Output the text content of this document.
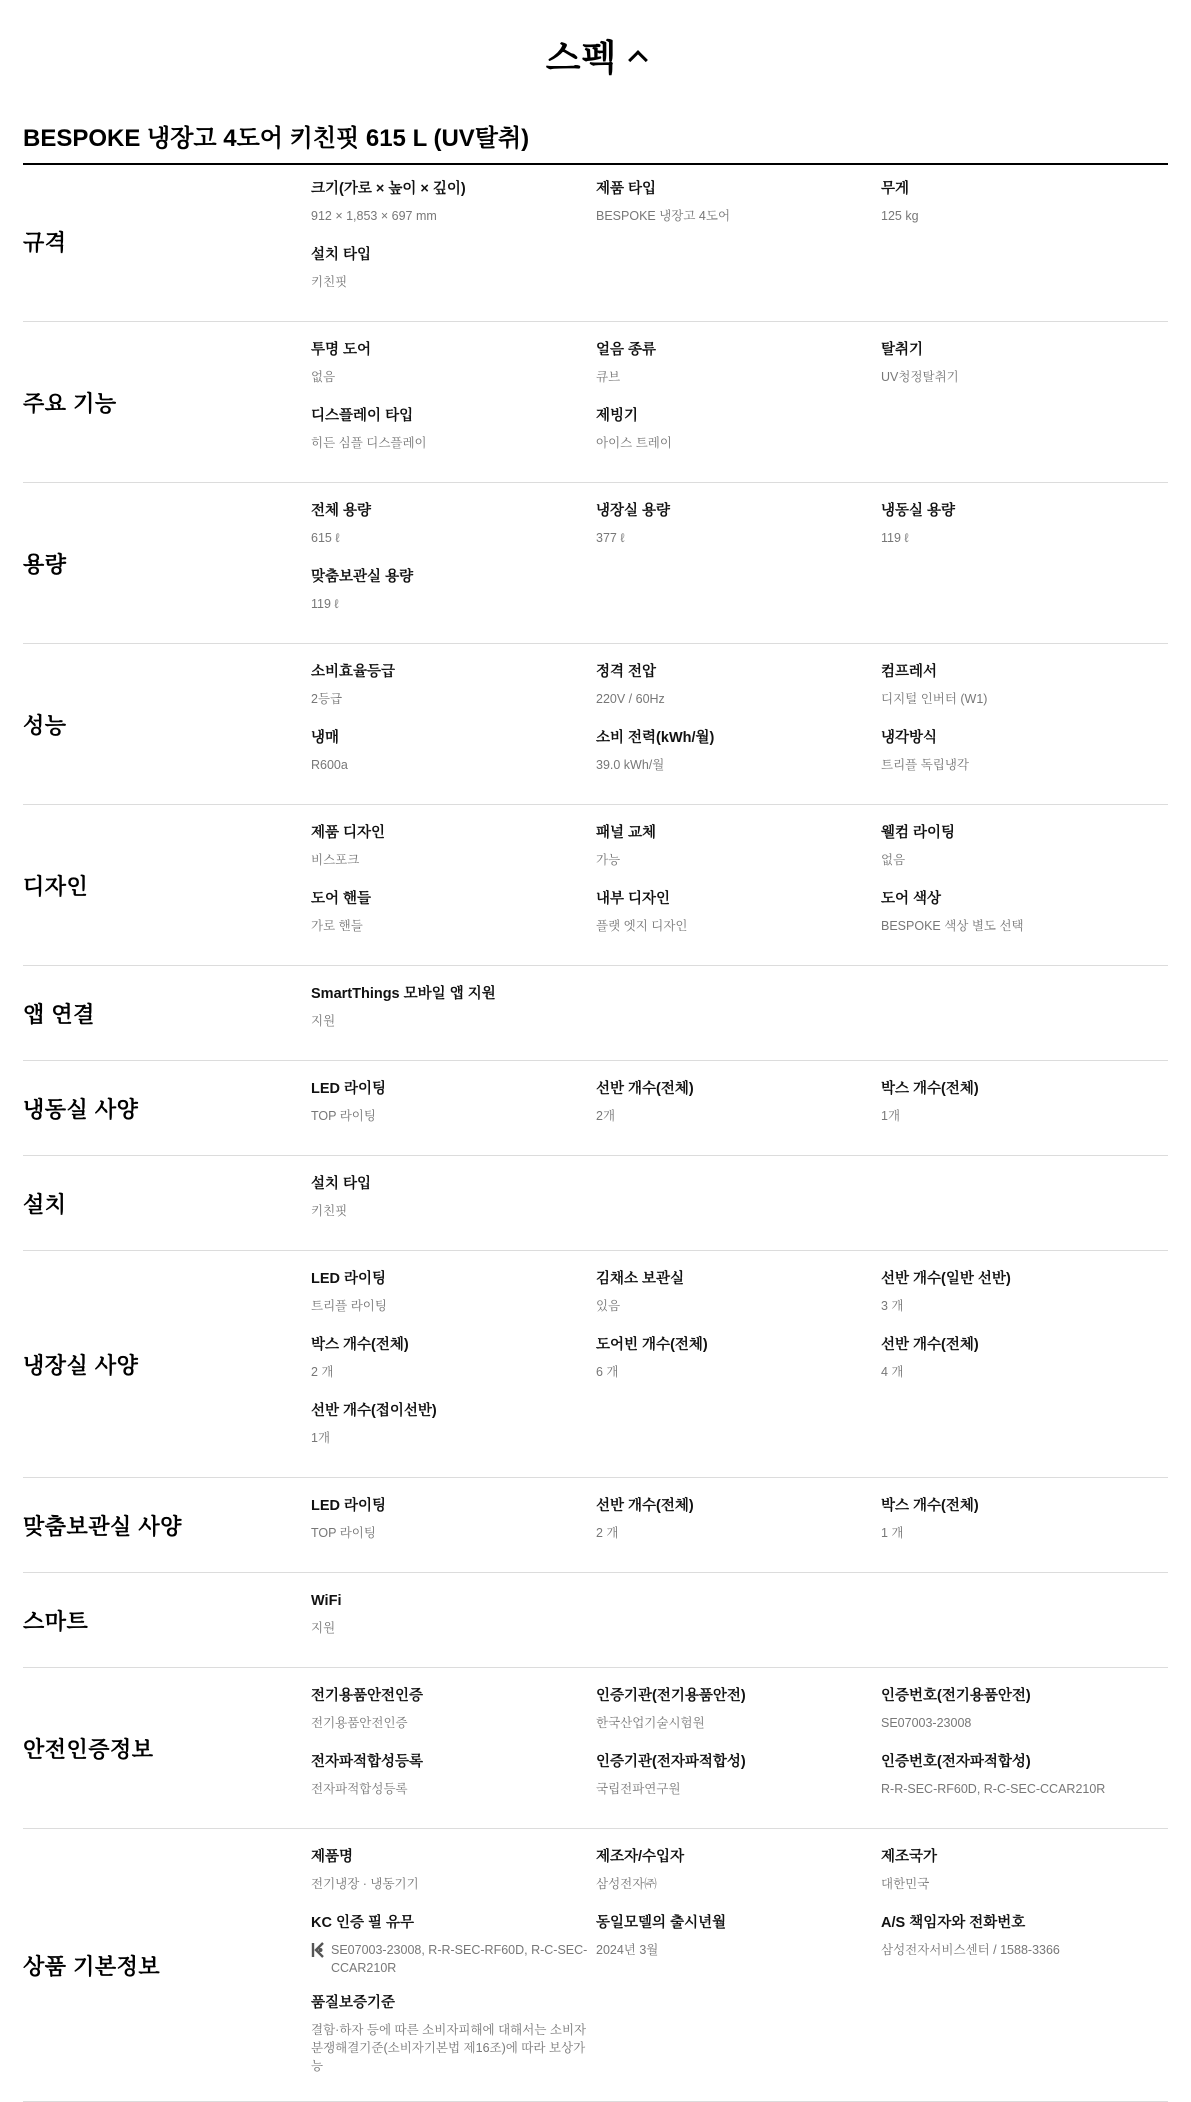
스펙
BESPOKE 냉장고 4도어 키친핏 615 L (UV탈취)
규격
크기(가로 × 높이 × 깊이)
912 × 1,853 × 697 mm
제품 타입
BESPOKE 냉장고 4도어
무게
125 kg
설치 타입
키친핏
주요 기능
투명 도어
없음
얼음 종류
큐브
탈취기
UV청정탈취기
디스플레이 타입
히든 심플 디스플레이
제빙기
아이스 트레이
용량
전체 용량
615 ℓ
냉장실 용량
377 ℓ
냉동실 용량
119 ℓ
맞춤보관실 용량
119 ℓ
성능
소비효율등급
2등급
정격 전압
220V / 60Hz
컴프레서
디지털 인버터 (W1)
냉매
R600a
소비 전력(kWh/월)
39.0 kWh/월
냉각방식
트리플 독립냉각
디자인
제품 디자인
비스포크
패널 교체
가능
웰컴 라이팅
없음
도어 핸들
가로 핸들
내부 디자인
플랫 엣지 디자인
도어 색상
BESPOKE 색상 별도 선택
앱 연결
SmartThings 모바일 앱 지원
지원
냉동실 사양
LED 라이팅
TOP 라이팅
선반 개수(전체)
2개
박스 개수(전체)
1개
설치
설치 타입
키친핏
냉장실 사양
LED 라이팅
트리플 라이팅
김채소 보관실
있음
선반 개수(일반 선반)
3 개
박스 개수(전체)
2 개
도어빈 개수(전체)
6 개
선반 개수(전체)
4 개
선반 개수(접이선반)
1개
맞춤보관실 사양
LED 라이팅
TOP 라이팅
선반 개수(전체)
2 개
박스 개수(전체)
1 개
스마트
WiFi
지원
안전인증정보
전기용품안전인증
전기용품안전인증
인증기관(전기용품안전)
한국산업기술시험원
인증번호(전기용품안전)
SE07003-23008
전자파적합성등록
전자파적합성등록
인증기관(전자파적합성)
국립전파연구원
인증번호(전자파적합성)
R-R-SEC-RF60D, R-C-SEC-CCAR210R
상품 기본정보
제품명
전기냉장 · 냉동기기
제조자/수입자
삼성전자㈜
제조국가
대한민국
KC 인증 필 유무
SE07003-23008, R-R-SEC-RF60D, R-C-SEC-CCAR210R
동일모델의 출시년월
2024년 3월
A/S 책임자와 전화번호
삼성전자서비스센터 / 1588-3366
품질보증기준
결함·하자 등에 따른 소비자피해에 대해서는 소비자분쟁해결기준(소비자기본법 제16조)에 따라 보상가능
